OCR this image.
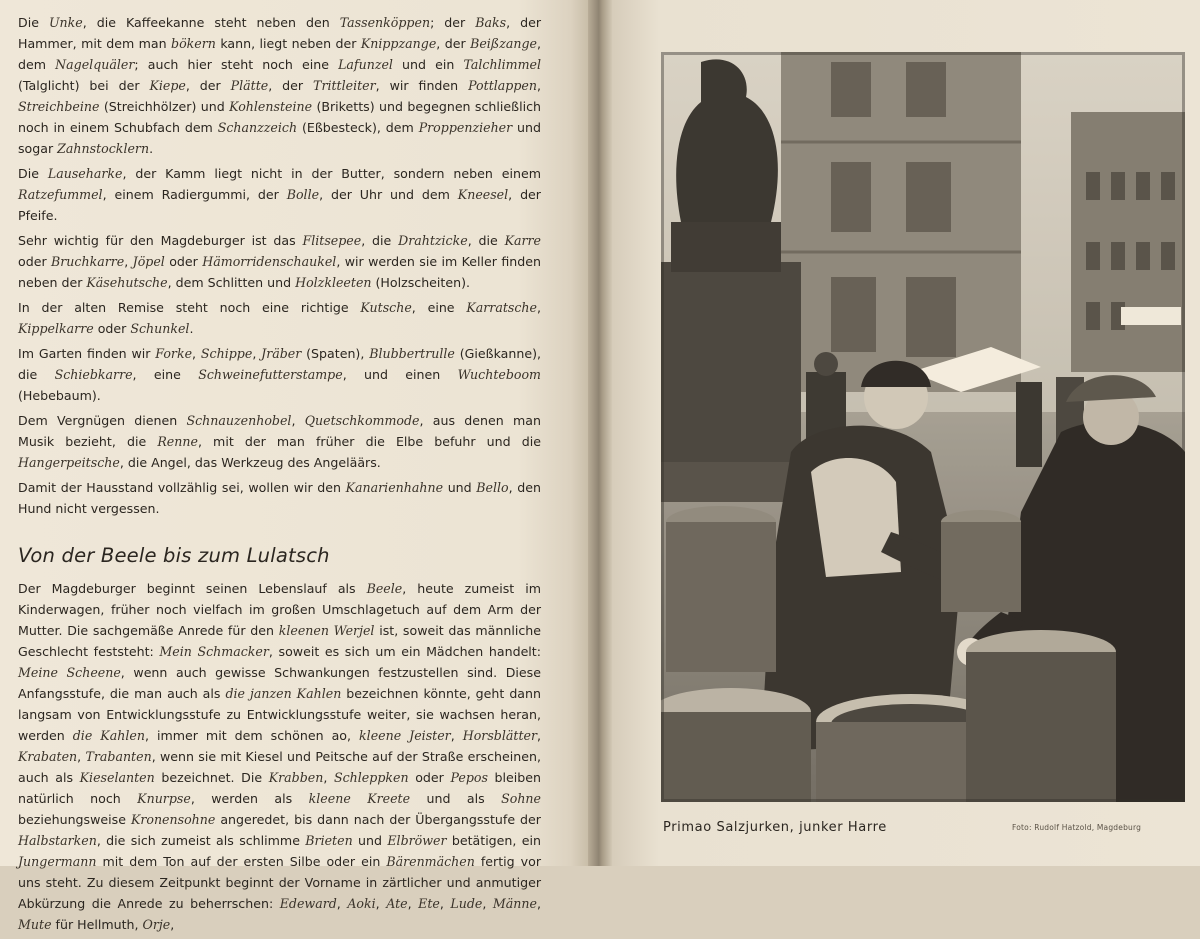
Die Unke, die Kaffeekanne steht neben den Tassenköppen; der Baks, der Hammer, mit dem man bökern kann, liegt neben der Knippzange, der Beißzange, dem Nagelquäler; auch hier steht noch eine Lafunzel und ein Talchlimmel (Talglicht) bei der Kiepe, der Plätte, der Trittleiter, wir finden Pottlappen, Streichbeine (Streichhölzer) und Kohlensteine (Briketts) und begegnen schließlich noch in einem Schubfach dem Schanzzeich (Eßbesteck), dem Proppenzieher und sogar Zahnstocklern.

Die Lauseharke, der Kamm liegt nicht in der Butter, sondern neben einem Ratzefummel, einem Radiergummi, der Bolle, der Uhr und dem Kneesel, der Pfeife.

Sehr wichtig für den Magdeburger ist das Flitsepee, die Drahtzicke, die Karre oder Bruchkarre, Jöpel oder Hämorridenschaukel, wir werden sie im Keller finden neben der Käsehutsche, dem Schlitten und Holzkleeten (Holzscheiten).

In der alten Remise steht noch eine richtige Kutsche, eine Karratsche, Kippelkarre oder Schunkel.

Im Garten finden wir Forke, Schippe, Jräber (Spaten), Blubbertrulle (Gießkanne), die Schiebkarre, eine Schweinefutterstampe, und einen Wuchteboom (Hebebaum).

Dem Vergnügen dienen Schnauzenhobel, Quetschkommode, aus denen man Musik bezieht, die Renne, mit der man früher die Elbe befuhr und die Hangerpeitsche, die Angel, das Werkzeug des Angeläärs.

Damit der Hausstand vollzählig sei, wollen wir den Kanarienhahne und Bello, den Hund nicht vergessen.

Von der Beele bis zum Lulatsch

Der Magdeburger beginnt seinen Lebenslauf als Beele, heute zumeist im Kinderwagen, früher noch vielfach im großen Umschlagetuch auf dem Arm der Mutter. Die sachgemäße Anrede für den kleenen Werjel ist, soweit das männliche Geschlecht feststeht: Mein Schmacker, soweit es sich um ein Mädchen handelt: Meine Scheene, wenn auch gewisse Schwankungen festzustellen sind. Diese Anfangsstufe, die man auch als die janzen Kahlen bezeichnen könnte, geht dann langsam von Entwicklungsstufe zu Entwicklungsstufe weiter, sie wachsen heran, werden die Kahlen, immer mit dem schönen ao, kleene Jeister, Horsblätter, Krabaten, Trabanten, wenn sie mit Kiesel und Peitsche auf der Straße erscheinen, auch als Kieselanten bezeichnet. Die Krabben, Schleppken oder Pepos bleiben natürlich noch Knurpse, werden als kleene Kreete und als Sohne beziehungsweise Kronensohne angeredet, bis dann nach der Übergangsstufe der Halbstarken, die sich zumeist als schlimme Brieten und Elbröwer betätigen, ein Jungermann mit dem Ton auf der ersten Silbe oder ein Bärenmächen fertig vor uns steht. Zu diesem Zeitpunkt beginnt der Vorname in zärtlicher und anmutiger Abkürzung die Anrede zu beherrschen: Edeward, Aoki, Ate, Ete, Lude, Männe, Mute für Hellmuth, Orje,

Primao Salzjurken, junker Harre	Foto: Rudolf Hatzold, Magdeburg
